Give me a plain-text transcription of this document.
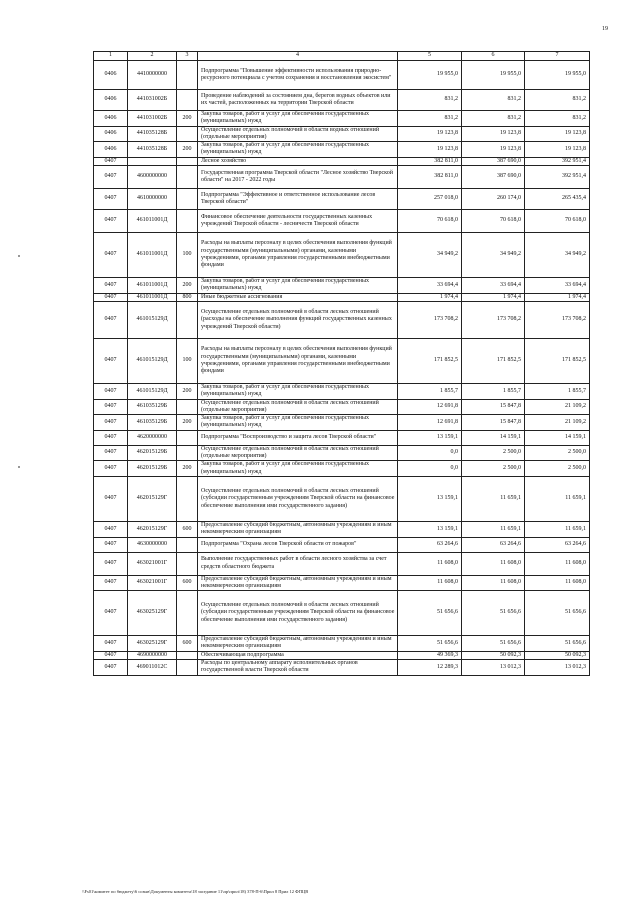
19
1	2	3	4	5	6	7
0406	4410000000		Подпрограмма "Повышение эффективности использования природно-ресурсного потенциала с учетом сохранения и восстановления экосистем"	19 955,0	19 955,0	19 955,0
0406	441031002Б		Проведение наблюдений за состоянием дна, берегов водных объектов или их частей, расположенных на территории Тверской области	831,2	831,2	831,2
0406	441031002Б	200	Закупка товаров, работ и услуг для обеспечения государственных (муниципальных) нужд	831,2	831,2	831,2
0406	441035128Б		Осуществление отдельных полномочий в области водных отношений (отдельные мероприятия)	19 123,8	19 123,8	19 123,8
0406	441035128Б	200	Закупка товаров, работ и услуг для обеспечения государственных (муниципальных) нужд	19 123,8	19 123,8	19 123,8
0407			Лесное хозяйство	382 811,0	387 690,0	392 951,4
0407	4600000000		Государственная программа Тверской области "Лесное хозяйство Тверской области" на 2017 - 2022 годы	382 811,0	387 690,0	392 951,4
0407	4610000000		Подпрограмма "Эффективное и ответственное использование лесов Тверской области"	257 018,0	260 174,0	265 435,4
0407	461011001Д		Финансовое обеспечение деятельности государственных казенных учреждений Тверской области - лесничеств Тверской области	70 618,0	70 618,0	70 618,0
0407	461011001Д	100	Расходы на выплаты персоналу в целях обеспечения выполнения функций государственными (муниципальными) органами, казенными учреждениями, органами управления государственными внебюджетными фондами	34 949,2	34 949,2	34 949,2
0407	461011001Д	200	Закупка товаров, работ и услуг для обеспечения государственных (муниципальных) нужд	33 694,4	33 694,4	33 694,4
0407	461011001Д	800	Иные бюджетные ассигнования	1 974,4	1 974,4	1 974,4
0407	461015129Д		Осуществление отдельных полномочий в области лесных отношений (расходы на обеспечение выполнения функций государственных казенных учреждений Тверской области)	173 708,2	173 708,2	173 708,2
0407	461015129Д	100	Расходы на выплаты персоналу в целях обеспечения выполнения функций государственными (муниципальными) органами, казенными учреждениями, органами управления государственными внебюджетными фондами	171 852,5	171 852,5	171 852,5
0407	461015129Д	200	Закупка товаров, работ и услуг для обеспечения государственных (муниципальных) нужд	1 855,7	1 855,7	1 855,7
0407	461035129Б		Осуществление отдельных полномочий в области лесных отношений (отдельные мероприятия)	12 691,8	15 847,8	21 109,2
0407	461035129Б	200	Закупка товаров, работ и услуг для обеспечения государственных (муниципальных) нужд	12 691,8	15 847,8	21 109,2
0407	4620000000		Подпрограмма "Воспроизводство и защита лесов Тверской области"	13 159,1	14 159,1	14 159,1
0407	462015129Б		Осуществление отдельных полномочий в области лесных отношений (отдельные мероприятия)	0,0	2 500,0	2 500,0
0407	462015129Б	200	Закупка товаров, работ и услуг для обеспечения государственных (муниципальных) нужд	0,0	2 500,0	2 500,0
0407	462015129Г		Осуществление отдельных полномочий в области лесных отношений (субсидии государственным учреждениям Тверской области на финансовое обеспечение выполнения ими государственного задания)	13 159,1	11 659,1	11 659,1
0407	462015129Г	600	Предоставление субсидий бюджетным, автономным учреждениям и иным некоммерческим организациям	13 159,1	11 659,1	11 659,1
0407	4630000000		Подпрограмма "Охрана лесов Тверской области от пожаров"	63 264,6	63 264,6	63 264,6
0407	463021001Г		Выполнение государственных работ в области лесного хозяйства за счет средств областного бюджета	11 608,0	11 608,0	11 608,0
0407	463021001Г	600	Предоставление субсидий бюджетным, автономным учреждениям и иным некоммерческим организациям	11 608,0	11 608,0	11 608,0
0407	463025129Г		Осуществление отдельных полномочий в области лесных отношений (субсидии государственным учреждениям Тверской области на финансовое обеспечение выполнения ими государственного задания)	51 656,6	51 656,6	51 656,6
0407	463025129Г	600	Предоставление субсидий бюджетным, автономным учреждениям и иным некоммерческим организациям	51 656,6	51 656,6	51 656,6
0407	4690000000		Обеспечивающая подпрограмма	49 369,3	50 092,3	50 092,3
0407	469011012С		Расходы по центральному аппарату исполнительных органов государственной власти Тверской области	12 289,3	13 012,3	13 012,3
\\Fs01\комитет по бюджету\6 созыв\Документы комитета\18 заседание 11\пр\прил\18) 378-П-6\Прил 8 Прил 12 ФПЦВ
